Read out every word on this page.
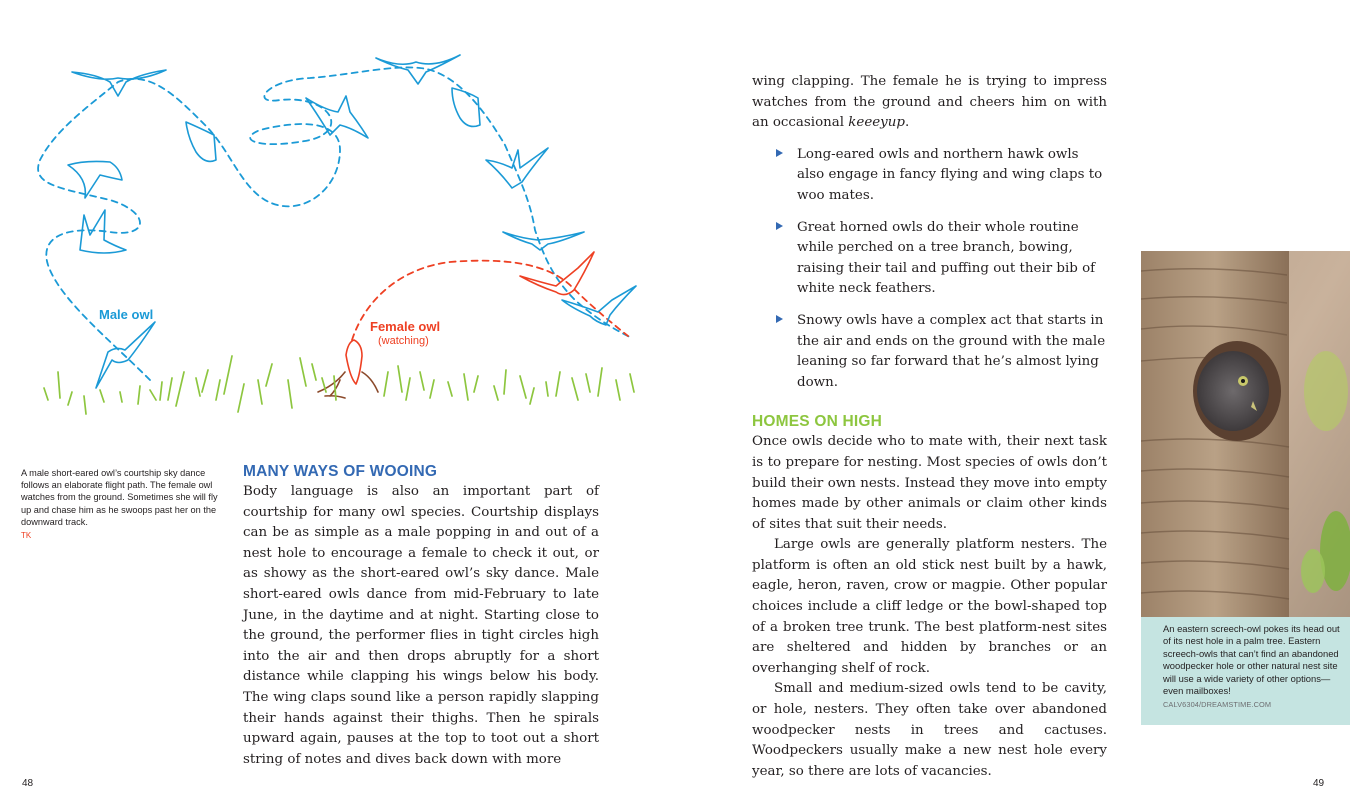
Male owl
Female owl
(watching)
A male short-eared owl’s courtship sky dance follows an elaborate flight path. The female owl watches from the ground. Sometimes she will fly up and chase him as he swoops past her on the downward track.
TK
MANY WAYS OF WOOING

Body language is also an important part of courtship for many owl species. Courtship displays can be as simple as a male popping in and out of a nest hole to encourage a female to check it out, or as showy as the short-eared owl’s sky dance. Male short-eared owls dance from mid-February to late June, in the daytime and at night. Starting close to the ground, the performer flies in tight circles high into the air and then drops abruptly for a short distance while clapping his wings below his body. The wing claps sound like a person rapidly slapping their hands against their thighs. Then he spirals upward again, pauses at the top to toot out a short string of notes and dives back down with more

wing clapping. The female he is trying to impress watches from the ground and cheers him on with an occasional keeeyup.

Long-eared owls and northern hawk owls also engage in fancy flying and wing claps to woo mates.
Great horned owls do their whole routine while perched on a tree branch, bowing, raising their tail and puffing out their bib of white neck feathers.
Snowy owls have a complex act that starts in the air and ends on the ground with the male leaning so far forward that he’s almost lying down.
HOMES ON HIGH

Once owls decide who to mate with, their next task is to prepare for nesting. Most species of owls don’t build their own nests. Instead they move into empty homes made by other animals or claim other kinds of sites that suit their needs.

Large owls are generally platform nesters. The platform is often an old stick nest built by a hawk, eagle, heron, raven, crow or magpie. Other popular choices include a cliff ledge or the bowl-shaped top of a broken tree trunk. The best platform-nest sites are sheltered and hidden by branches or an overhanging shelf of rock.

Small and medium-sized owls tend to be cavity, or hole, nesters. They often take over abandoned woodpecker nests in trees and cactuses. Woodpeckers usually make a new nest hole every year, so there are lots of vacancies.

An eastern screech-owl pokes its head out of its nest hole in a palm tree. Eastern screech-owls that can’t find an abandoned woodpecker hole or other natural nest site will use a wide variety of other options—even mailboxes!
CALV6304/DREAMSTIME.COM
48	49
